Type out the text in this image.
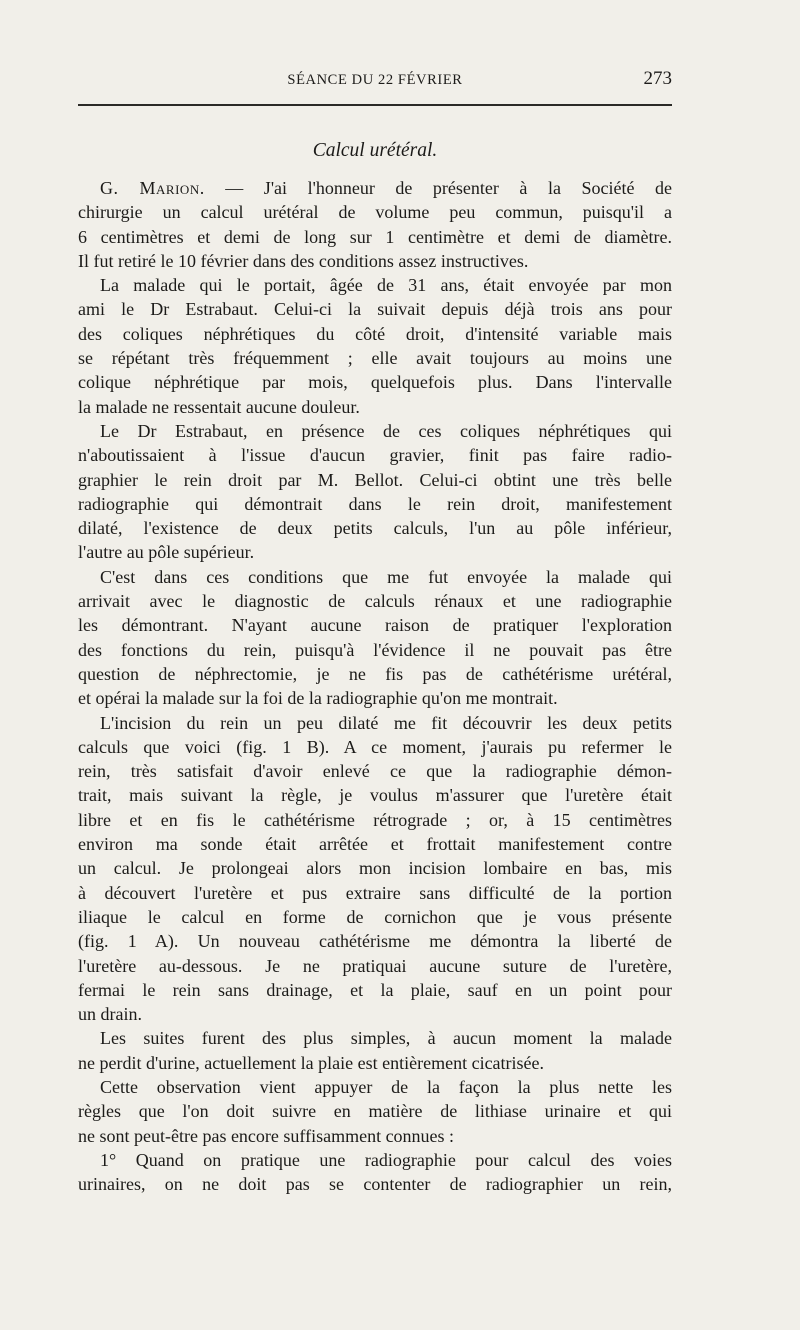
SÉANCE DU 22 FÉVRIER	273
Calcul urétéral.
G. Marion. — J'ai l'honneur de présenter à la Société de
chirurgie un calcul urétéral de volume peu commun, puisqu'il a
6 centimètres et demi de long sur 1 centimètre et demi de diamètre.
Il fut retiré le 10 février dans des conditions assez instructives.
La malade qui le portait, âgée de 31 ans, était envoyée par mon
ami le Dr Estrabaut. Celui-ci la suivait depuis déjà trois ans pour
des coliques néphrétiques du côté droit, d'intensité variable mais
se répétant très fréquemment ; elle avait toujours au moins une
colique néphrétique par mois, quelquefois plus. Dans l'intervalle
la malade ne ressentait aucune douleur.
Le Dr Estrabaut, en présence de ces coliques néphrétiques qui
n'aboutissaient à l'issue d'aucun gravier, finit pas faire radio-
graphier le rein droit par M. Bellot. Celui-ci obtint une très belle
radiographie qui démontrait dans le rein droit, manifestement
dilaté, l'existence de deux petits calculs, l'un au pôle inférieur,
l'autre au pôle supérieur.
C'est dans ces conditions que me fut envoyée la malade qui
arrivait avec le diagnostic de calculs rénaux et une radiographie
les démontrant. N'ayant aucune raison de pratiquer l'exploration
des fonctions du rein, puisqu'à l'évidence il ne pouvait pas être
question de néphrectomie, je ne fis pas de cathétérisme urétéral,
et opérai la malade sur la foi de la radiographie qu'on me montrait.
L'incision du rein un peu dilaté me fit découvrir les deux petits
calculs que voici (fig. 1 B). A ce moment, j'aurais pu refermer le
rein, très satisfait d'avoir enlevé ce que la radiographie démon-
trait, mais suivant la règle, je voulus m'assurer que l'uretère était
libre et en fis le cathétérisme rétrograde ; or, à 15 centimètres
environ ma sonde était arrêtée et frottait manifestement contre
un calcul. Je prolongeai alors mon incision lombaire en bas, mis
à découvert l'uretère et pus extraire sans difficulté de la portion
iliaque le calcul en forme de cornichon que je vous présente
(fig. 1 A). Un nouveau cathétérisme me démontra la liberté de
l'uretère au-dessous. Je ne pratiquai aucune suture de l'uretère,
fermai le rein sans drainage, et la plaie, sauf en un point pour
un drain.
Les suites furent des plus simples, à aucun moment la malade
ne perdit d'urine, actuellement la plaie est entièrement cicatrisée.
Cette observation vient appuyer de la façon la plus nette les
règles que l'on doit suivre en matière de lithiase urinaire et qui
ne sont peut-être pas encore suffisamment connues :
1° Quand on pratique une radiographie pour calcul des voies
urinaires, on ne doit pas se contenter de radiographier un rein,
